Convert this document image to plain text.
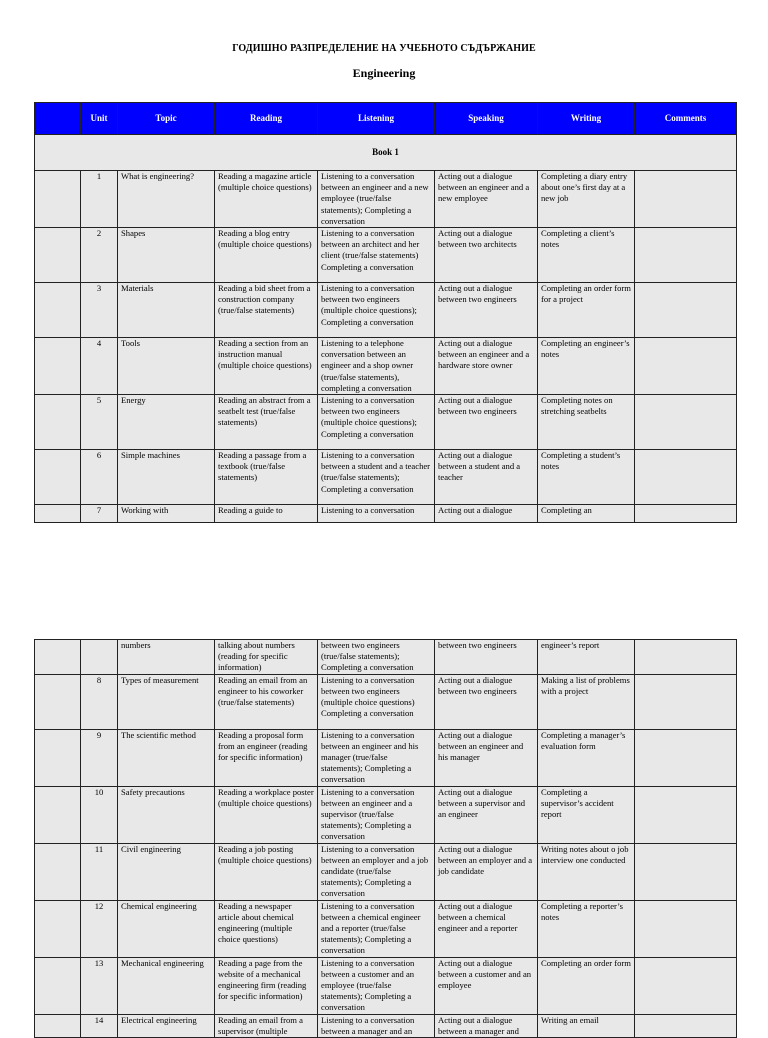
ГОДИШНО РАЗПРЕДЕЛЕНИЕ НА УЧЕБНОТО СЪДЪРЖАНИЕ
Engineering
	Unit	Topic	Reading	Listening	Speaking	Writing	Comments
Book 1							
	1	What is engineering?	Reading a magazine article (multiple choice questions)	Listening to a conversation between an engineer and a new employee (true/false statements); Completing a conversation	Acting out a dialogue between an engineer and a new employee	Completing a diary entry about one’s first day at a new job	
	2	Shapes	Reading a blog entry (multiple choice questions)	Listening to a conversation between an architect and her client (true/false statements) Completing a conversation	Acting out a dialogue between two architects	Completing a client’s notes	
	3	Materials	Reading a bid sheet from a construction company (true/false statements)	Listening to a conversation between two engineers (multiple choice questions); Completing a conversation	Acting out a dialogue between two engineers	Completing an order form for a project	
	4	Tools	Reading a section from an instruction manual (multiple choice questions)	Listening to a telephone conversation between an engineer and a shop owner (true/false statements), completing a conversation	Acting out a dialogue between an engineer and a hardware store owner	Completing an engineer’s notes	
	5	Energy	Reading an abstract from a seatbelt test (true/false statements)	Listening to a conversation between two engineers (multiple choice questions); Completing a conversation	Acting out a dialogue between two engineers	Completing notes on stretching seatbelts	
	6	Simple machines	Reading a passage from a textbook (true/false statements)	Listening to a conversation between a student and a teacher (true/false statements); Completing a conversation	Acting out a dialogue between a student and a teacher	Completing a student’s notes	
	7	Working with	Reading a guide to	Listening to a conversation	Acting out a dialogue	Completing an	
		numbers	talking about numbers (reading for specific information)	between two engineers (true/false statements); Completing a conversation	between two engineers	engineer’s report	
	8	Types of measurement	Reading an email from an engineer to his coworker (true/false statements)	Listening to a conversation between two engineers (multiple choice questions) Completing a conversation	Acting out a dialogue between two engineers	Making a list of problems with a project	
	9	The scientific method	Reading a proposal form from an engineer (reading for specific information)	Listening to a conversation between an engineer and his manager (true/false statements); Completing a conversation	Acting out a dialogue between an engineer and his manager	Completing a manager’s evaluation form	
	10	Safety precautions	Reading a workplace poster (multiple choice questions)	Listening to a conversation between an engineer and a supervisor (true/false statements); Completing a conversation	Acting out a dialogue between a supervisor and an engineer	Completing a supervisor’s accident report	
	11	Civil engineering	Reading a job posting (multiple choice questions)	Listening to a conversation between an employer and a job candidate (true/false statements); Completing a conversation	Acting out a dialogue between an employer and a job candidate	Writing notes about o job interview one conducted	
	12	Chemical engineering	Reading a newspaper article about chemical engineering (multiple choice questions)	Listening to a conversation between a chemical engineer and a reporter (true/false statements); Completing a conversation	Acting out a dialogue between a chemical engineer and a reporter	Completing a reporter’s notes	
	13	Mechanical engineering	Reading a page from the website of a mechanical engineering firm (reading for specific information)	Listening to a conversation between a customer and an employee (true/false statements); Completing a conversation	Acting out a dialogue between a customer and an employee	Completing an order form	
	14	Electrical engineering	Reading an email from a supervisor (multiple	Listening to a conversation between a manager and an	Acting out a dialogue between a manager and	Writing an email	
